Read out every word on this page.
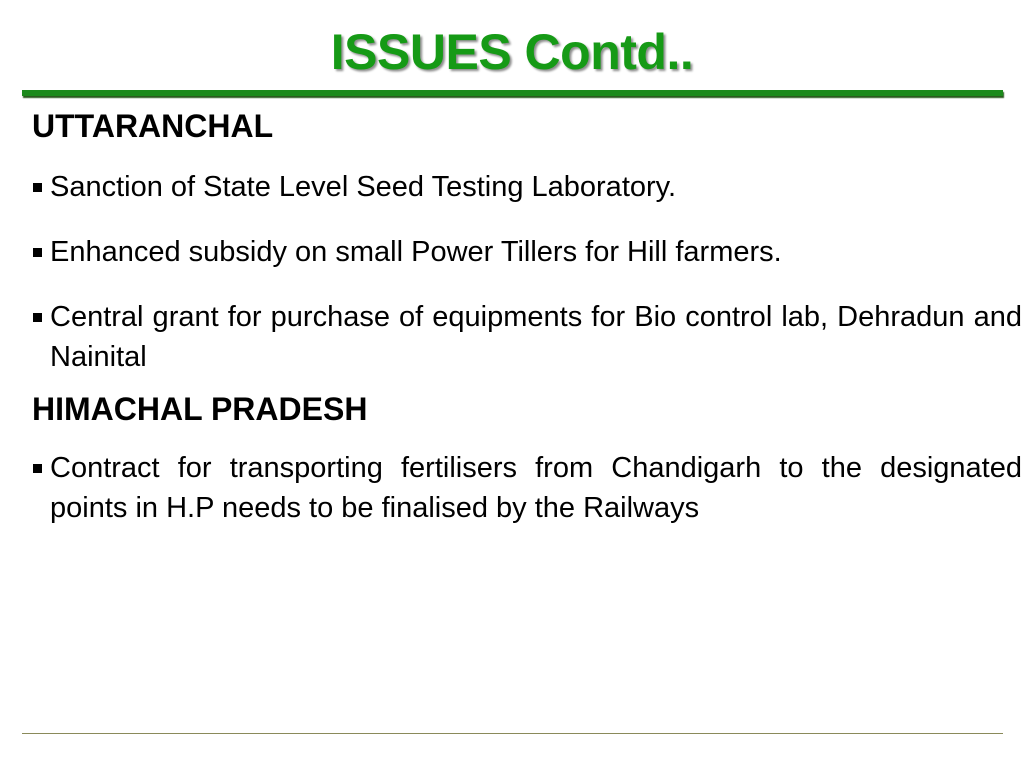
ISSUES Contd..
UTTARANCHAL
Sanction of State Level Seed Testing Laboratory.
Enhanced subsidy on small Power Tillers for Hill farmers.
Central grant for purchase of equipments for Bio control lab, Dehradun and Nainital
HIMACHAL PRADESH
Contract for transporting fertilisers from Chandigarh to the designated points in H.P needs to be finalised by the Railways
